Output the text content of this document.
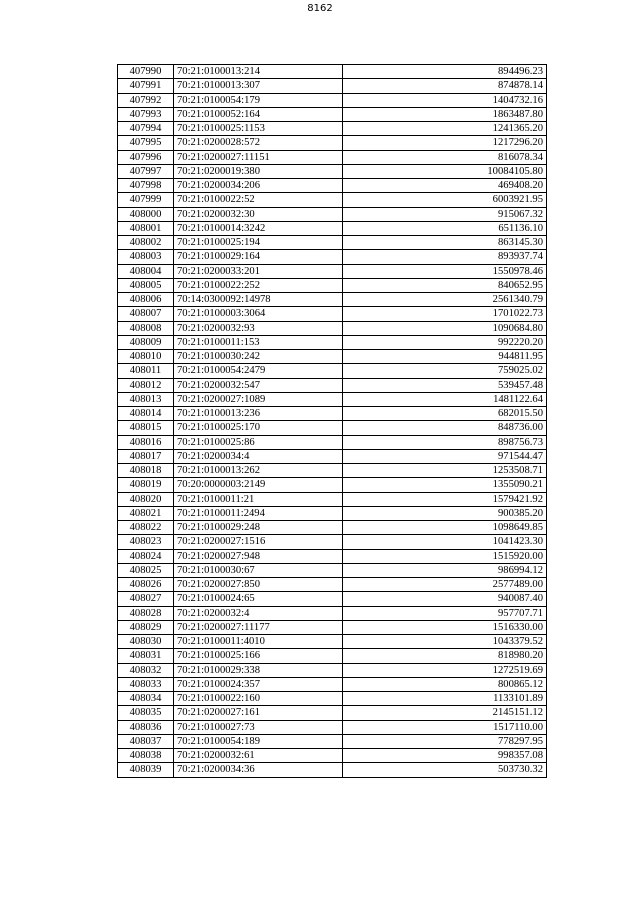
8162
407990	70:21:0100013:214	894496.23
407991	70:21:0100013:307	874878.14
407992	70:21:0100054:179	1404732.16
407993	70:21:0100052:164	1863487.80
407994	70:21:0100025:1153	1241365.20
407995	70:21:0200028:572	1217296.20
407996	70:21:0200027:11151	816078.34
407997	70:21:0200019:380	10084105.80
407998	70:21:0200034:206	469408.20
407999	70:21:0100022:52	6003921.95
408000	70:21:0200032:30	915067.32
408001	70:21:0100014:3242	651136.10
408002	70:21:0100025:194	863145.30
408003	70:21:0100029:164	893937.74
408004	70:21:0200033:201	1550978.46
408005	70:21:0100022:252	840652.95
408006	70:14:0300092:14978	2561340.79
408007	70:21:0100003:3064	1701022.73
408008	70:21:0200032:93	1090684.80
408009	70:21:0100011:153	992220.20
408010	70:21:0100030:242	944811.95
408011	70:21:0100054:2479	759025.02
408012	70:21:0200032:547	539457.48
408013	70:21:0200027:1089	1481122.64
408014	70:21:0100013:236	682015.50
408015	70:21:0100025:170	848736.00
408016	70:21:0100025:86	898756.73
408017	70:21:0200034:4	971544.47
408018	70:21:0100013:262	1253508.71
408019	70:20:0000003:2149	1355090.21
408020	70:21:0100011:21	1579421.92
408021	70:21:0100011:2494	900385.20
408022	70:21:0100029:248	1098649.85
408023	70:21:0200027:1516	1041423.30
408024	70:21:0200027:948	1515920.00
408025	70:21:0100030:67	986994.12
408026	70:21:0200027:850	2577489.00
408027	70:21:0100024:65	940087.40
408028	70:21:0200032:4	957707.71
408029	70:21:0200027:11177	1516330.00
408030	70:21:0100011:4010	1043379.52
408031	70:21:0100025:166	818980.20
408032	70:21:0100029:338	1272519.69
408033	70:21:0100024:357	800865.12
408034	70:21:0100022:160	1133101.89
408035	70:21:0200027:161	2145151.12
408036	70:21:0100027:73	1517110.00
408037	70:21:0100054:189	778297.95
408038	70:21:0200032:61	998357.08
408039	70:21:0200034:36	503730.32
